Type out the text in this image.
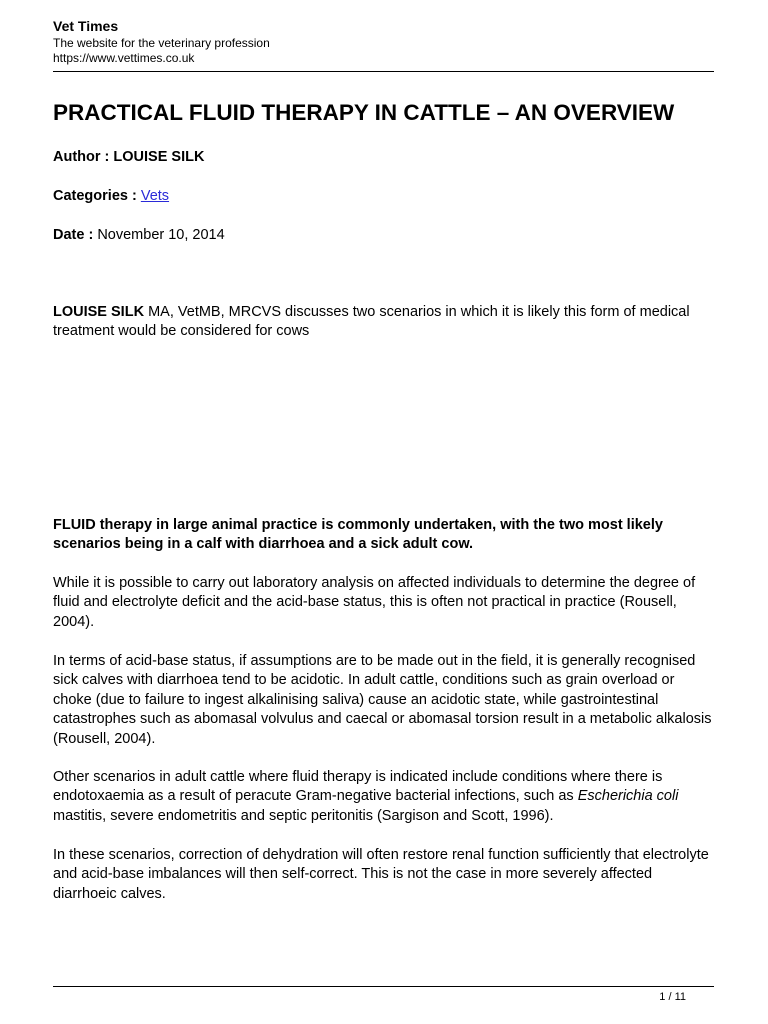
Vet Times
The website for the veterinary profession
https://www.vettimes.co.uk
PRACTICAL FLUID THERAPY IN CATTLE – AN OVERVIEW
Author : LOUISE SILK
Categories : Vets
Date : November 10, 2014

LOUISE SILK MA, VetMB, MRCVS discusses two scenarios in which it is likely this form of medical treatment would be considered for cows

FLUID therapy in large animal practice is commonly undertaken, with the two most likely scenarios being in a calf with diarrhoea and a sick adult cow.

While it is possible to carry out laboratory analysis on affected individuals to determine the degree of fluid and electrolyte deficit and the acid-base status, this is often not practical in practice (Rousell, 2004).

In terms of acid-base status, if assumptions are to be made out in the field, it is generally recognised sick calves with diarrhoea tend to be acidotic. In adult cattle, conditions such as grain overload or choke (due to failure to ingest alkalinising saliva) cause an acidotic state, while gastrointestinal catastrophes such as abomasal volvulus and caecal or abomasal torsion result in a metabolic alkalosis (Rousell, 2004).

Other scenarios in adult cattle where fluid therapy is indicated include conditions where there is endotoxaemia as a result of peracute Gram-negative bacterial infections, such as Escherichia coli mastitis, severe endometritis and septic peritonitis (Sargison and Scott, 1996).

In these scenarios, correction of dehydration will often restore renal function sufficiently that electrolyte and acid-base imbalances will then self-correct. This is not the case in more severely affected diarrhoeic calves.

1 / 11
